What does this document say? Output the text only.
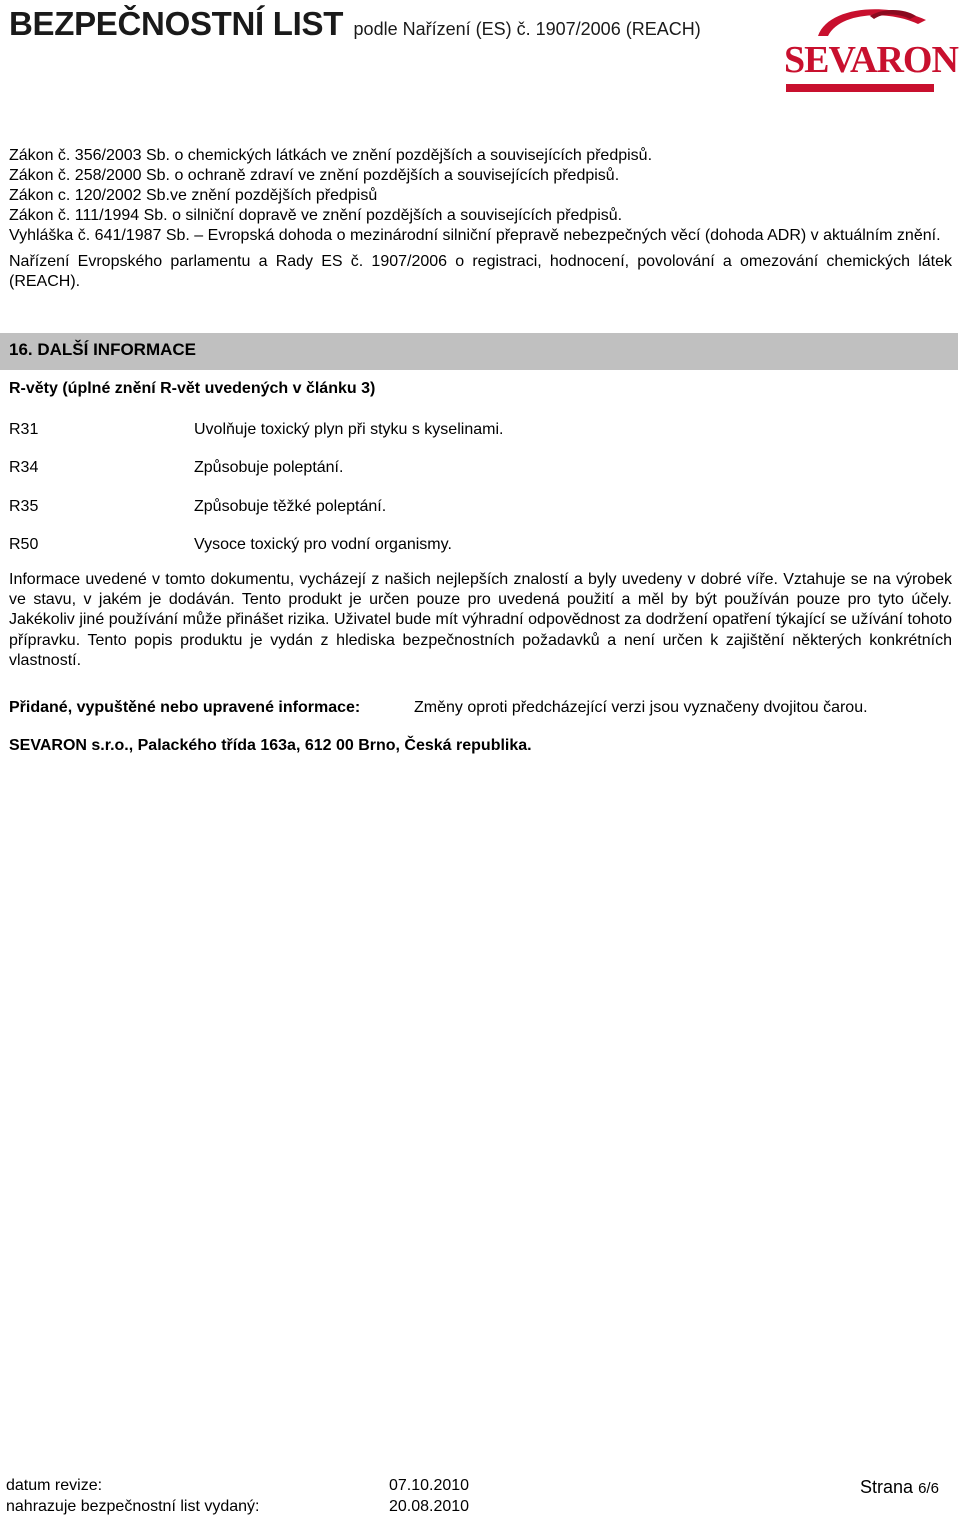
BEZPEČNOSTNÍ LIST podle Nařízení (ES) č. 1907/2006 (REACH)
SEVARON

Zákon č. 356/2003 Sb. o chemických látkách ve znění pozdějších a souvisejících předpisů.

Zákon č. 258/2000 Sb. o ochraně zdraví ve znění pozdějších a souvisejících předpisů.

Zákon c. 120/2002 Sb.ve znění pozdějších předpisů

Zákon č. 111/1994 Sb. o silniční dopravě ve znění pozdějších a souvisejících předpisů.

Vyhláška č. 641/1987 Sb. – Evropská dohoda o mezinárodní silniční přepravě nebezpečných věcí (dohoda ADR) v aktuálním znění.

Nařízení Evropského parlamentu a Rady ES č. 1907/2006 o registraci, hodnocení, povolování a omezování chemických látek (REACH).

16. DALŠÍ INFORMACE
R-věty (úplné znění R-vět uvedených v článku 3)
R31	Uvolňuje toxický plyn při styku s kyselinami.
R34	Způsobuje poleptání.
R35	Způsobuje těžké poleptání.
R50	Vysoce toxický pro vodní organismy.

Informace uvedené v tomto dokumentu, vycházejí z našich nejlepších znalostí a byly uvedeny v dobré víře. Vztahuje se na výrobek ve stavu, v jakém je dodáván. Tento produkt je určen pouze pro uvedená použití a měl by být používán pouze pro tyto účely. Jakékoliv jiné používání může přinášet rizika. Uživatel bude mít výhradní odpovědnost za dodržení opatření týkající se užívání tohoto přípravku. Tento popis produktu je vydán z hlediska bezpečnostních požadavků a není určen k zajištění některých konkrétních vlastností.

Přidané, vypuštěné nebo upravené informace:	Změny oproti předcházející verzi jsou vyznačeny dvojitou čarou.
SEVARON s.r.o., Palackého třída 163a, 612 00 Brno, Česká republika.
datum revize:	07.10.2010
nahrazuje bezpečnostní list vydaný:	20.08.2010
Strana 6/6
